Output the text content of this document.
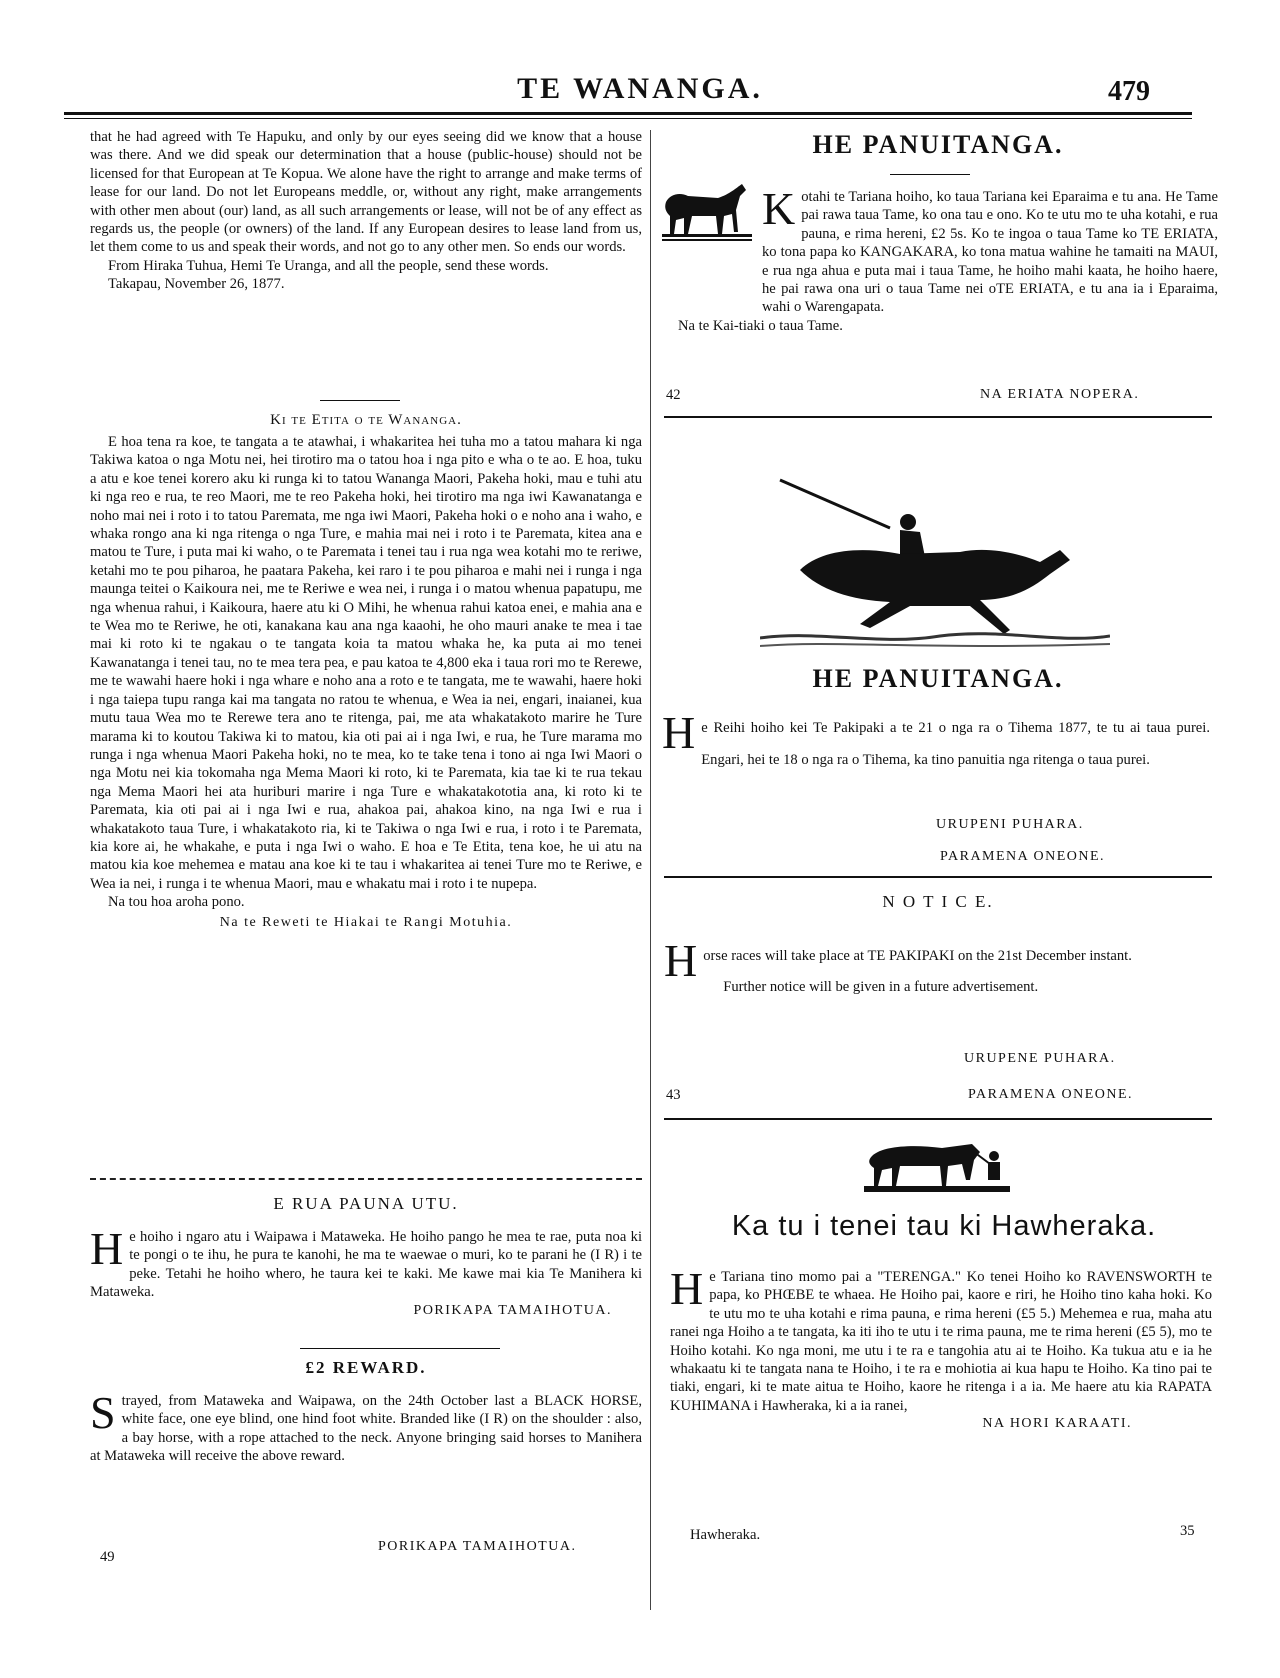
TE WANANGA.	479
that he had agreed with Te Hapuku, and only by our eyes seeing did we know that a house was there. And we did speak our determination that a house (public-house) should not be licensed for that European at Te Kopua. We alone have the right to arrange and make terms of lease for our land. Do not let Europeans meddle, or, without any right, make arrangements with other men about (our) land, as all such arrangements or lease, will not be of any effect as regards us, the people (or owners) of the land. If any European desires to lease land from us, let them come to us and speak their words, and not go to any other men. So ends our words.
From Hiraka Tuhua, Hemi Te Uranga, and all the people, send these words.
Takapau, November 26, 1877.
Ki te Etita o te Wananga.
E hoa tena ra koe, te tangata a te atawhai, i whakaritea hei tuha mo a tatou mahara ki nga Takiwa katoa o nga Motu nei, hei tirotiro ma o tatou hoa i nga pito e wha o te ao. E hoa, tuku a atu e koe tenei korero aku ki runga ki to tatou Wananga Maori, Pakeha hoki, mau e tuhi atu ki nga reo e rua, te reo Maori, me te reo Pakeha hoki, hei tirotiro ma nga iwi Kawanatanga e noho mai nei i roto i to tatou Paremata, me nga iwi Maori, Pakeha hoki o e noho ana i waho, e whaka rongo ana ki nga ritenga o nga Ture, e mahia mai nei i roto i te Paremata, kitea ana e matou te Ture, i puta mai ki waho, o te Paremata i tenei tau i rua nga wea kotahi mo te reriwe, ketahi mo te pou piharoa, he paatara Pakeha, kei raro i te pou piharoa e mahi nei i runga i nga maunga teitei o Kaikoura nei, me te Reriwe e wea nei, i runga i o matou whenua papatupu, me nga whenua rahui, i Kaikoura, haere atu ki O Mihi, he whenua rahui katoa enei, e mahia ana e te Wea mo te Reriwe, he oti, kanakana kau ana nga kaaohi, he oho mauri anake te mea i tae mai ki roto ki te ngakau o te tangata koia ta matou whaka he, ka puta ai mo tenei Kawanatanga i tenei tau, no te mea tera pea, e pau katoa te 4,800 eka i taua rori mo te Rerewe, me te wawahi haere hoki i nga whare e noho ana a roto e te tangata, me te wawahi, haere hoki i nga taiepa tupu ranga kai ma tangata no ratou te whenua, e Wea ia nei, engari, inaianei, kua mutu taua Wea mo te Rerewe tera ano te ritenga, pai, me ata whakatakoto marire he Ture marama ki to koutou Takiwa ki to matou, kia oti pai ai i nga Iwi, e rua, he Ture marama mo runga i nga whenua Maori Pakeha hoki, no te mea, ko te take tena i tono ai nga Iwi Maori o nga Motu nei kia tokomaha nga Mema Maori ki roto, ki te Paremata, kia tae ki te rua tekau nga Mema Maori hei ata huriburi marire i nga Ture e whakatakototia ana, ki roto ki te Paremata, kia oti pai ai i nga Iwi e rua, ahakoa pai, ahakoa kino, na nga Iwi e rua i whakatakoto taua Ture, i whakatakoto ria, ki te Takiwa o nga Iwi e rua, i roto i te Paremata, kia kore ai, he whakahe, e puta i nga Iwi o waho. E hoa e Te Etita, tena koe, he ui atu na matou kia koe mehemea e matau ana koe ki te tau i whakaritea ai tenei Ture mo te Reriwe, e Wea ia nei, i runga i te whenua Maori, mau e whakatu mai i roto i te nupepa.
Na tou hoa aroha pono.
Na te Reweti te Hiakai te Rangi Motuhia.
E RUA PAUNA UTU.
H e hoiho i ngaro atu i Waipawa i Mataweka. He hoiho pango he mea te rae, puta noa ki te pongi o te ihu, he pura te kanohi, he ma te waewae o muri, ko te parani he (I R) i te peke. Tetahi he hoiho whero, he taura kei te kaki. Me kawe mai kia Te Manihera ki Mataweka.
PORIKAPA TAMAIHOTUA.
£2 REWARD.
S trayed, from Mataweka and Waipawa, on the 24th October last a BLACK HORSE, white face, one eye blind, one hind foot white. Branded like (I R) on the shoulder : also, a bay horse, with a rope attached to the neck. Anyone bringing said horses to Manihera at Mataweka will receive the above reward.
PORIKAPA TAMAIHOTUA.
49
HE PANUITANGA.
K otahi te Tariana hoiho, ko taua Tariana kei Eparaima e tu ana. He Tame pai rawa taua Tame, ko ona tau e ono. Ko te utu mo te uha kotahi, e rua pauna, e rima hereni, £2 5s. Ko te ingoa o taua Tame ko TE ERIATA, ko tona papa ko KANGAKARA, ko tona matua wahine he tamaiti na MAUI, e rua nga ahua e puta mai i taua Tame, he hoiho mahi kaata, he hoiho haere, he pai rawa ona uri o taua Tame nei oTE ERIATA, e tu ana ia i Eparaima, wahi o Warengapata.
Na te Kai-tiaki o taua Tame.
42	NA ERIATA NOPERA.
HE PANUITANGA.
H e Reihi hoiho kei Te Pakipaki a te 21 o nga ra o Tihema 1877, te tu ai taua purei. Engari, hei te 18 o nga ra o Tihema, ka tino panuitia nga ritenga o taua purei.
URUPENI PUHARA.
PARAMENA ONEONE.
N O T I C E.
H orse races will take place at TE PAKIPAKI on the 21st December instant.
Further notice will be given in a future advertisement.
URUPENE PUHARA.
43	PARAMENA ONEONE.
Ka tu i tenei tau ki Hawheraka.
H e Tariana tino momo pai a "TERENGA." Ko tenei Hoiho ko RAVENSWORTH te papa, ko PHŒBE te whaea. He Hoiho pai, kaore e riri, he Hoiho tino kaha hoki. Ko te utu mo te uha kotahi e rima pauna, e rima hereni (£5 5.) Mehemea e rua, maha atu ranei nga Hoiho a te tangata, ka iti iho te utu i te rima pauna, me te rima hereni (£5 5), mo te Hoiho kotahi. Ko nga moni, me utu i te ra e tangohia atu ai te Hoiho. Ka tukua atu e ia he whakaatu ki te tangata nana te Hoiho, i te ra e mohiotia ai kua hapu te Hoiho. Ka tino pai te tiaki, engari, ki te mate aitua te Hoiho, kaore he ritenga i a ia. Me haere atu kia RAPATA KUHIMANA i Hawheraka, ki a ia ranei,
NA HORI KARAATI.
Hawheraka.	35
